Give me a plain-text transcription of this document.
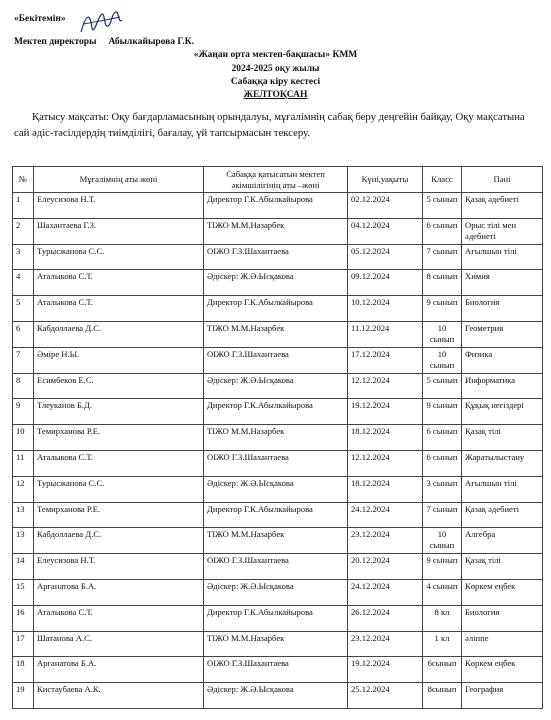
«Бекітемін»
Мектеп директоры Абылкайырова Г.К.
«Жаңаи орта мектеп-бақшасы» КММ
2024-2025 оқу жылы
Сабаққа кіру кестесі
ЖЕЛТОҚСАН
Қатысу мақсаты: Оқу бағдарламасының орындалуы, мұғалімнің сабақ беру деңгейін байқау, Оқу мақсатына сай әдіс-тәсілдердің тиімділігі, бағалау, үй тапсырмасын тексеру.
№	Мұғалімнің аты жөні	Сабаққа қатысатын мектеп әкімшілігінің аты –жөні	Күні,уақыты	Класс	Пәні
1	Елеусизова Н.Т.	Директор Г.К.Абылкайырова	02.12.2024	5 сынып	Қазақ әдебиеті
2	Шахантаева Г.З.	ТІЖО М.М.Назарбек	04.12.2024	6 сынып	Орыс тілі мен әдебиеті
3	Турысжанова С.С.	ОІЖО Г.З.Шахантаева	05.12.2024	7 сынып	Ағылшын тілі
4	Аталыкова С.Т.	Әдіскер: Ж.Ә.Ысқакова	09.12.2024	8 сынып	Химия
5	Аталыкова С.Т.	Директор Г.К.Абылкайырова	10.12.2024	9 сынып	Биология
6	Кабдоллаева Д.С.	ТІЖО М.М.Назарбек	11.12.2024	10 сынып	Геометрия
7	Әміре Н.Ы.	ОІЖО Г.З.Шахантаева	17.12.2024	10 сынып	Физика
8	Есимбеков Е.С.	Әдіскер: Ж.Ә.Ысқакова	12.12.2024	5 сынып	Информатика
9	Тлеуканов Б.Д.	Директор Г.К.Абылкайырова	19.12.2024	9 сынып	Құқық негіздері
10	Темирханова Р.Е.	ТІЖО М.М.Назарбек	18.12.2024	6 сынып	Қазақ тілі
11	Аталыкова С.Т.	ОІЖО Г.З.Шахантаева	12.12.2024	6 сынып	Жаратылыстану
12	Турысжанова С.С.	Әдіскер: Ж.Ә.Ысқакова	18.12.2024	3 сынып	Ағылшын тілі
13	Темирханова Р.Е.	Директор Г.К.Абылкайырова	24.12.2024	7 сынып	Қазақ әдебиеті
13	Кабдоллаева Д.С.	ТІЖО М.М.Назарбек	23.12.2024	10 сынып	Алгебра
14	Елеусизова Н.Т.	ОІЖО Г.З.Шахантаева	20.12.2024	9 сынып	Қазақ тілі
15	Арганатова Б.А.	Әдіскер: Ж.Ә.Ысқакова	24.12.2024	4 сынып	Көркем еңбек
16	Аталыкова С.Т.	Директор Г.К.Абылкайырова	26.12.2024	8 кл	Биология
17	Шатанова А.С.	ТІЖО М.М.Назарбек	23.12.2024	1 кл	әліппе
18	Арганатова Б.А.	ОІЖО Г.З.Шахантаева	19.12.2024	6сынып	Көркем еңбек
19	Кистаубаева А.К.	Әдіскер: Ж.Ә.Ысқакова	25.12.2024	8сынып	География
